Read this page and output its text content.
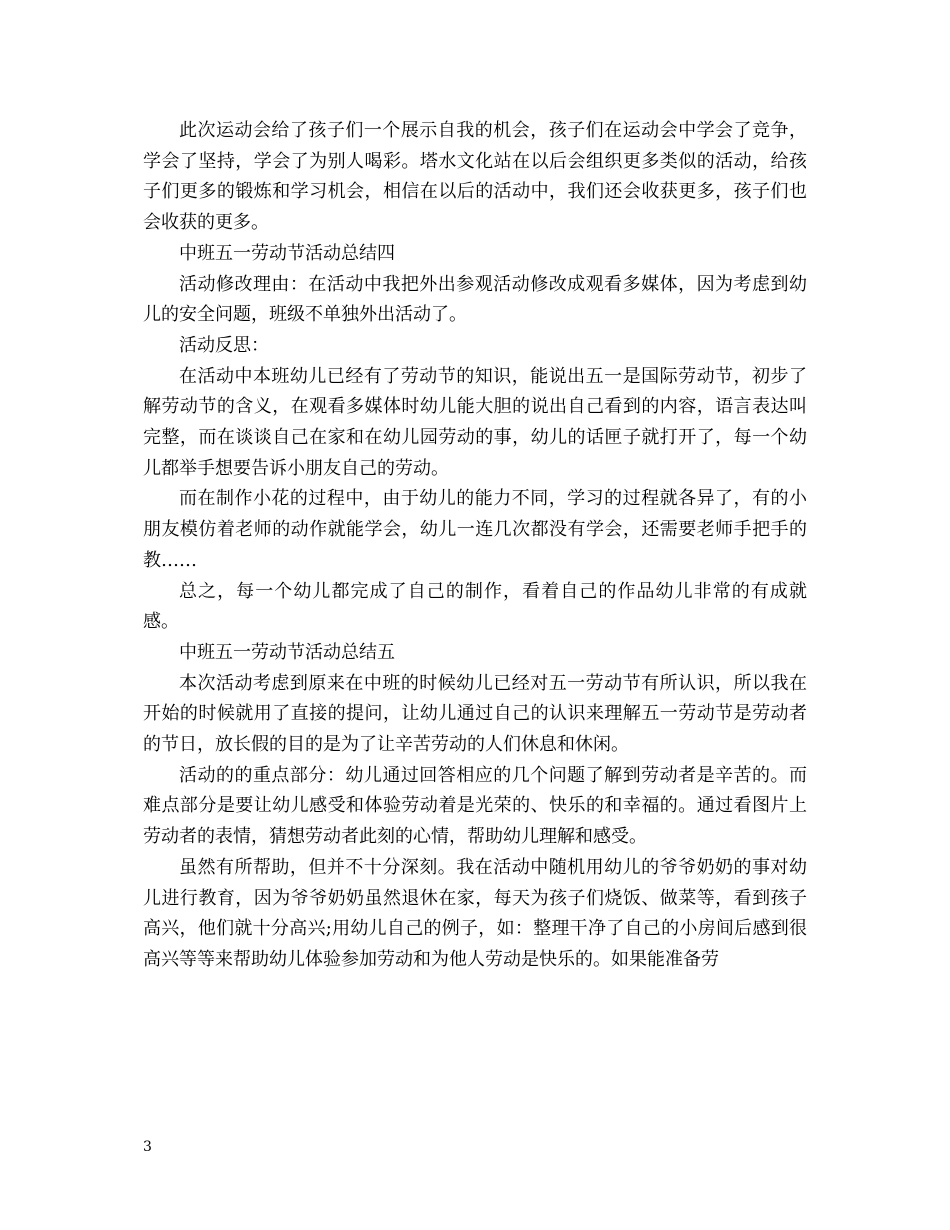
此次运动会给了孩子们一个展示自我的机会，孩子们在运动会中学会了竞争，学会了坚持，学会了为别人喝彩。塔水文化站在以后会组织更多类似的活动，给孩子们更多的锻炼和学习机会，相信在以后的活动中，我们还会收获更多，孩子们也会收获的更多。

中班五一劳动节活动总结四

活动修改理由：在活动中我把外出参观活动修改成观看多媒体，因为考虑到幼儿的安全问题，班级不单独外出活动了。

活动反思：

在活动中本班幼儿已经有了劳动节的知识，能说出五一是国际劳动节，初步了解劳动节的含义，在观看多媒体时幼儿能大胆的说出自己看到的内容，语言表达叫完整，而在谈谈自己在家和在幼儿园劳动的事，幼儿的话匣子就打开了，每一个幼儿都举手想要告诉小朋友自己的劳动。

而在制作小花的过程中，由于幼儿的能力不同，学习的过程就各异了，有的小朋友模仿着老师的动作就能学会，幼儿一连几次都没有学会，还需要老师手把手的教……

总之，每一个幼儿都完成了自己的制作，看着自己的作品幼儿非常的有成就感。

中班五一劳动节活动总结五

本次活动考虑到原来在中班的时候幼儿已经对五一劳动节有所认识，所以我在开始的时候就用了直接的提问，让幼儿通过自己的认识来理解五一劳动节是劳动者的节日，放长假的目的是为了让辛苦劳动的人们休息和休闲。

活动的的重点部分：幼儿通过回答相应的几个问题了解到劳动者是辛苦的。而难点部分是要让幼儿感受和体验劳动着是光荣的、快乐的和幸福的。通过看图片上劳动者的表情，猜想劳动者此刻的心情，帮助幼儿理解和感受。

虽然有所帮助，但并不十分深刻。我在活动中随机用幼儿的爷爷奶奶的事对幼儿进行教育，因为爷爷奶奶虽然退休在家，每天为孩子们烧饭、做菜等，看到孩子高兴，他们就十分高兴;用幼儿自己的例子，如：整理干净了自己的小房间后感到很高兴等等来帮助幼儿体验参加劳动和为他人劳动是快乐的。如果能准备劳

3
